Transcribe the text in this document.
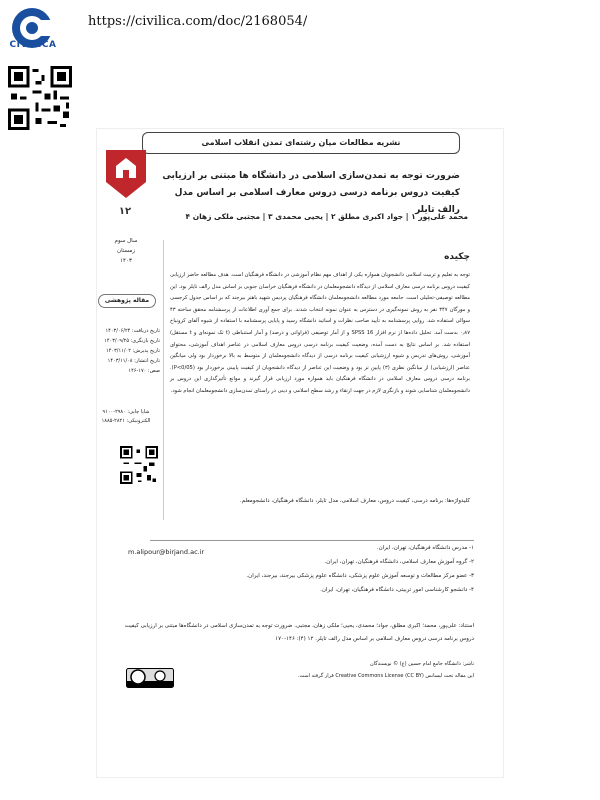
CIVILICA
https://civilica.com/doc/2168054/
نشریه مطالعات میان رشته‌ای تمدن انقلاب اسلامی
۱۲
سال سوم
زمستان
۱۴۰۳
مقاله پژوهشی
تاریخ دریافت: ۱۴۰۳/۰۶/۲۴
تاریخ بازنگری: ۱۴۰۳/۰۹/۲۵
تاریخ پذیرش: ۱۴۰۳/۱۱/۰۲
تاریخ انتشار: ۱۴۰۳/۱۱/۰۸
صص: ۱۷۰-۱۴۶
شاپا چاپی: ۲۹۸۰-۹۱۰۰
الکترونیکی: ۲۸۲۱-۱۸۸۵
ضرورت توجه به تمدن‌سازی اسلامی در دانشگاه ها مبتنی بر ارزیابی کیفیت دروس برنامه درسی دروس معارف اسلامی بر اساس مدل رالف تایلر
محمد علی‌پور ۱ | جواد اکبری مطلق ۲ | یحیی محمدی ۳ | مجتبی ملکی زهان ۴
چکیده
توجه به تعلیم و تربیت اسلامی دانشجویان همواره یکی از اهداف مهم نظام آموزشی در دانشگاه فرهنگیان است. هدف مطالعه حاضر ارزیابی کیفیت دروس برنامه درسی معارف اسلامی از دیدگاه دانشجومعلمان در دانشگاه فرهنگیان خراسان جنوبی بر اساس مدل رالف تایلر بود. این مطالعه توصیفی-تحلیلی است. جامعه مورد مطالعه دانشجومعلمان دانشگاه فرهنگیان پردیس شهید باهنر بیرجند که بر اساس جدول کرجسی و مورگان ۳۴۷ نفر به روش نمونه‌گیری در دسترس به عنوان نمونه انتخاب شدند. برای جمع آوری اطلاعات از پرسشنامه محقق ساخته ۴۳ سوالی استفاده شد. روایی پرسشنامه به تأیید صاحب نظرات و اساتید دانشگاه رسید و پایایی پرسشنامه با استفاده از شیوه آلفای کرونباخ ۰٫۸۷ بدست آمد. تحلیل داده‌ها از نرم افزار SPSS 16 و از آمار توصیفی (فراوانی و درصد) و آمار استنباطی (t تک نمونه‌ای و t مستقل) استفاده شد. بر اساس نتایج به دست آمده، وضعیت کیفیت برنامه درسی دروس معارف اسلامی در عناصر اهداف آموزشی، محتوای آموزشی، روش‌های تدریس و شیوه ارزشیابی کیفیت برنامه درسی از دیدگاه دانشجومعلمان از متوسط به بالا برخوردار بود ولی میانگین عناصر (ارزشیابی) از میانگین نظری (۳) پایین تر بود و وضعیت این عناصر از دیدگاه دانشجویان از کیفیت پایینی برخوردار بود (P<0/05). برنامه درسی دروس معارف اسلامی در دانشگاه فرهنگیان باید همواره مورد ارزیابی قرار گیرند و موانع تأثیرگذاری این دروس بر دانشجومعلمان شناسایی شوند و بازنگری لازم در جهت ارتقاء و رشد سطح اسلامی و دینی در راستای تمدن‌سازی دانشجومعلمان انجام شود.
کلیدواژه‌ها: برنامه درسی، کیفیت دروس، معارف اسلامی، مدل تایلر، دانشگاه فرهنگیان، دانشجومعلم.
m.alipour@birjand.ac.ir	۱- مدرس دانشگاه فرهنگیان، تهران، ایران.
۲- گروه آموزش معارف اسلامی، دانشگاه فرهنگیان، تهران، ایران.
۳- عضو مرکز مطالعات و توسعه آموزش علوم پزشکی، دانشگاه علوم پزشکی بیرجند، بیرجند، ایران.
۴- دانشجو کارشناسی امور تربیتی، دانشگاه فرهنگیان، تهران، ایران.
استناد: علی‌پور، محمد؛ اکبری مطلق، جواد؛ محمدی، یحیی؛ ملکی زهان، مجتبی. ضرورت توجه به تمدن‌سازی اسلامی در دانشگاه‌ها مبتنی بر ارزیابی کیفیت دروس برنامه درسی دروس معارف اسلامی بر اساس مدل رالف تایلر. ۱۲ (۴): ۱۴۶-۱۷۰
ناشر: دانشگاه جامع امام حسین (ع) © نویسندگان
این مقاله تحت لیسانس (Creative Commons License (CC BY قرار گرفته است.
